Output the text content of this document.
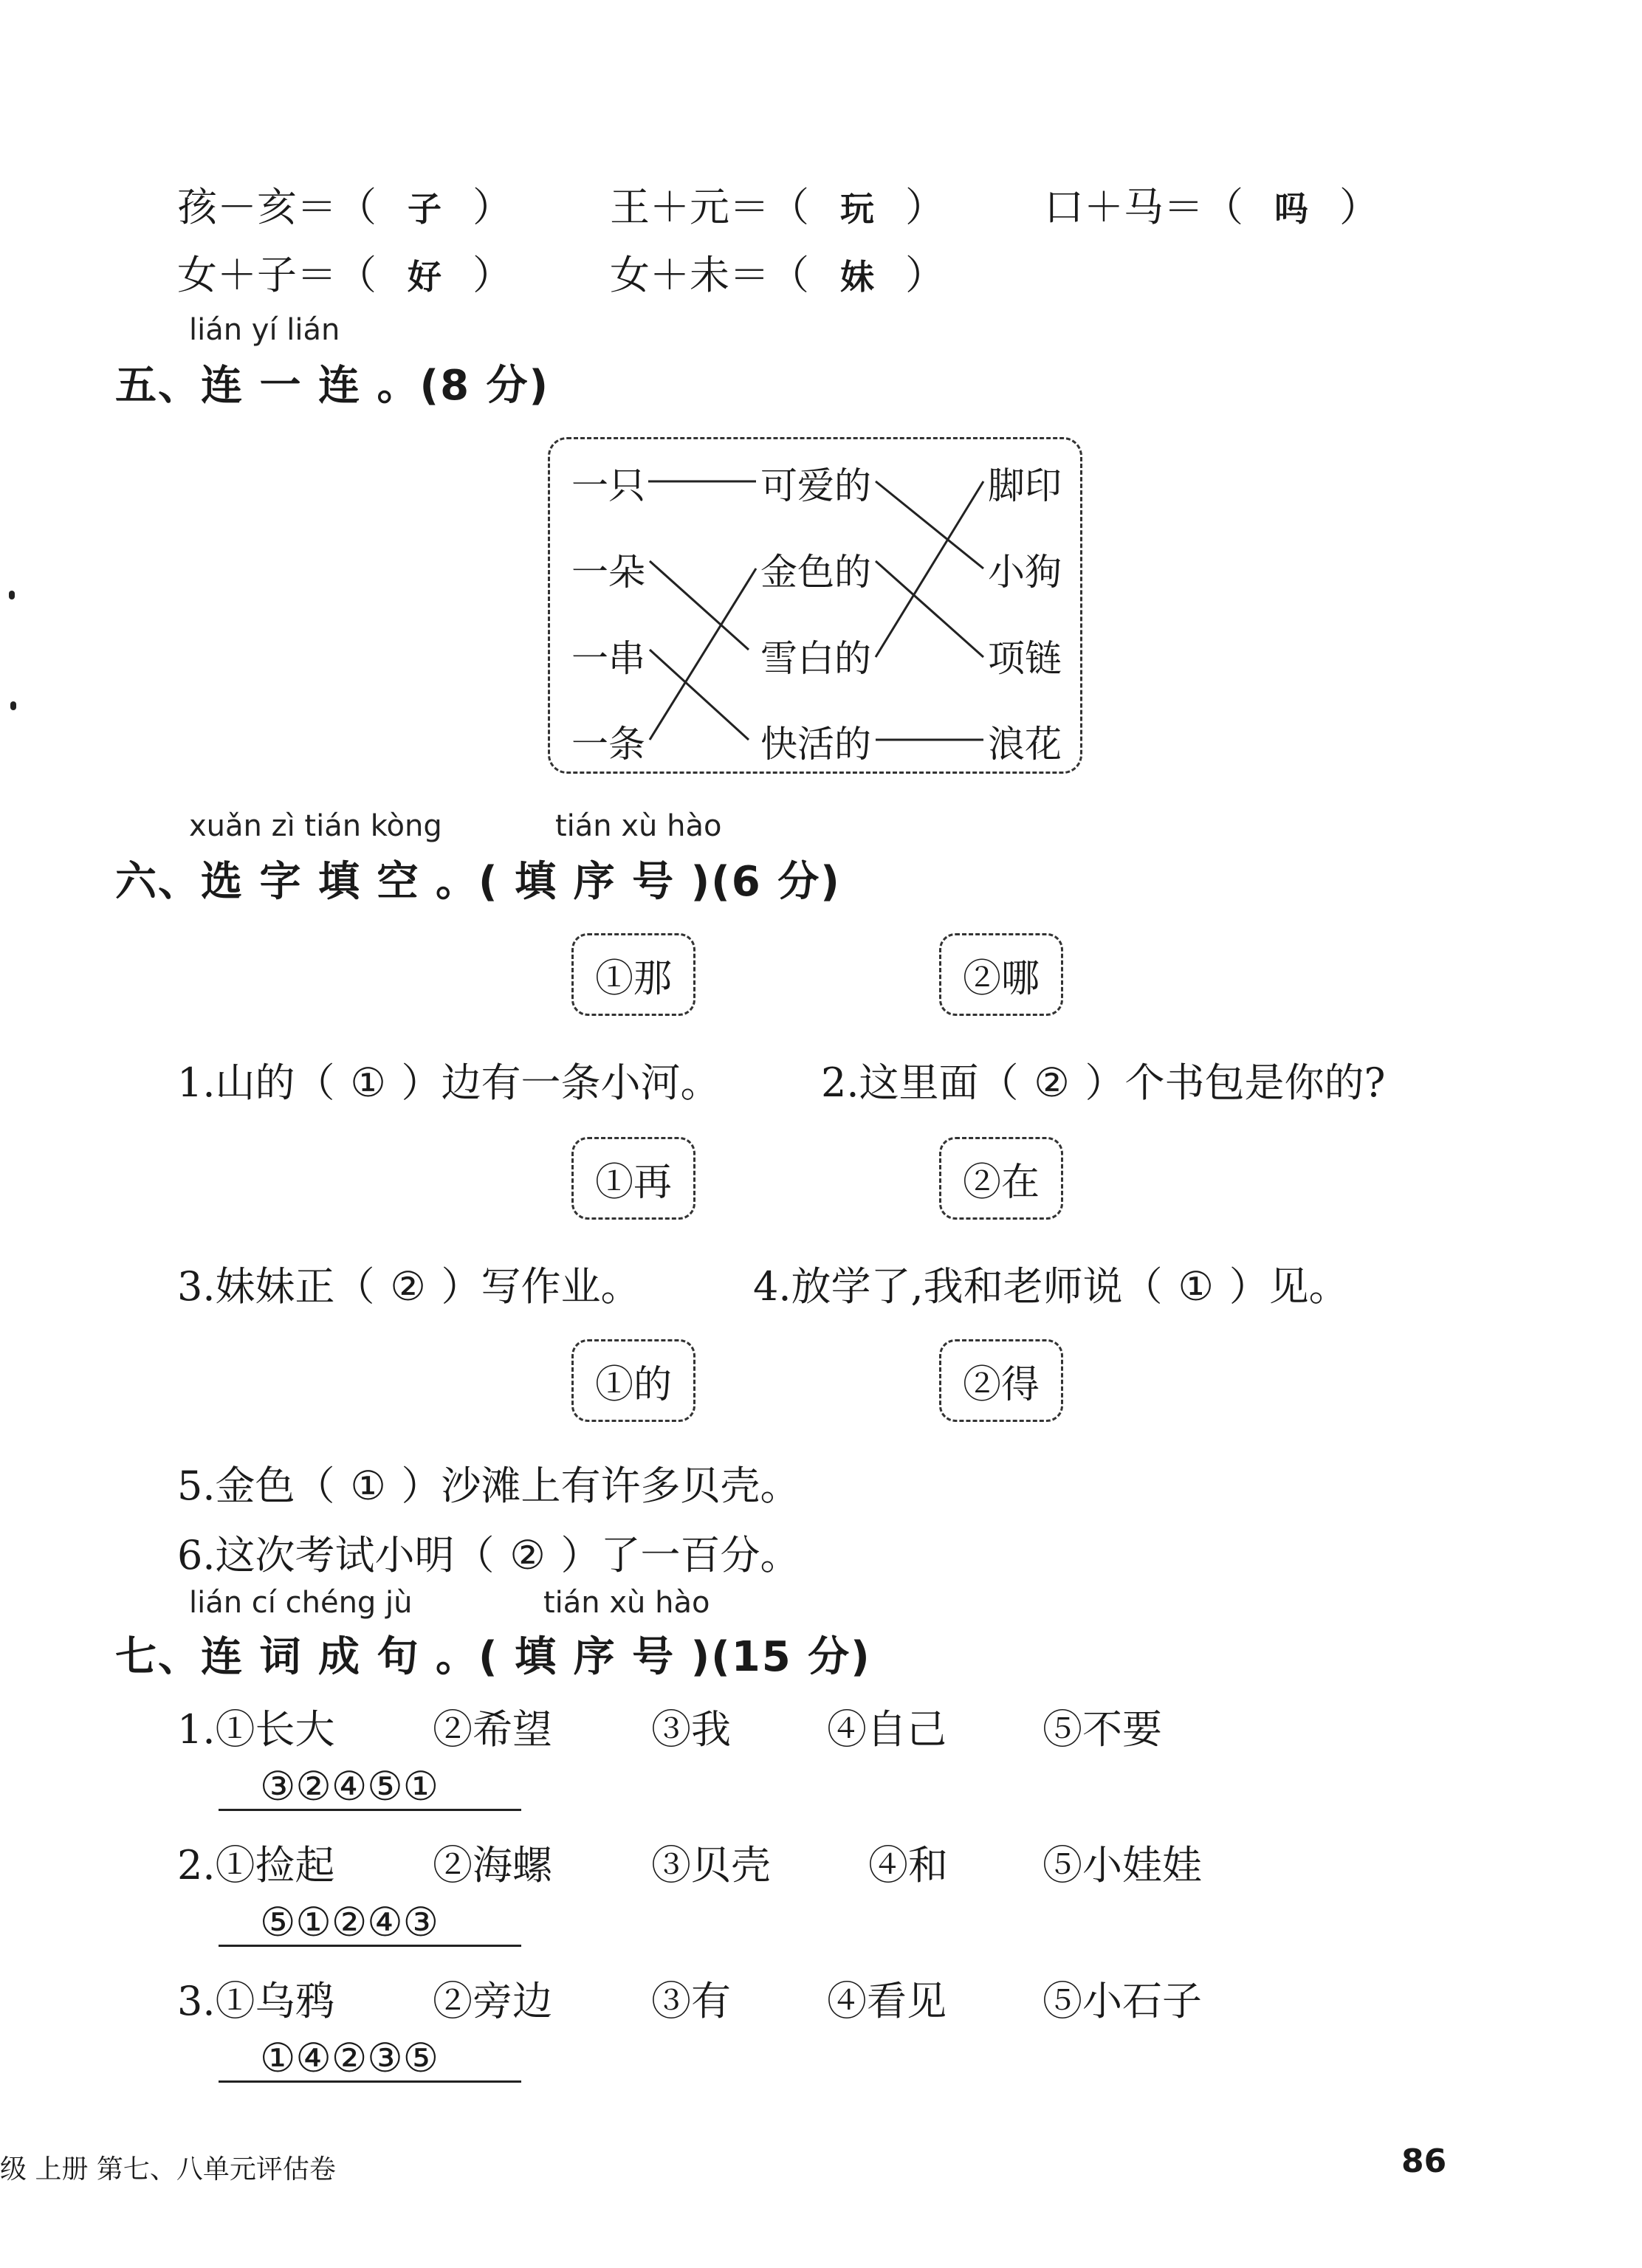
孩－亥＝（ 子 ） 王＋元＝（ 玩 ） 口＋马＝（ 吗 ）
女＋子＝（ 好 ） 女＋未＝（ 妹 ）
lián yí lián
五、连 一 连 。(8 分)
一只
一朵
一串
一条
可爱的
金色的
雪白的
快活的
脚印
小狗
项链
浪花
xuǎn zì tián kòng	tián xù hào
六、选 字 填 空 。( 填 序 号 )(6 分)
①那	②哪
1.山的（ ① ）边有一条小河。	2.这里面（ ② ）个书包是你的?
①再	②在
3.妹妹正（ ② ）写作业。	4.放学了,我和老师说（ ① ）见。
①的	②得
5.金色（ ① ）沙滩上有许多贝壳。
6.这次考试小明（ ② ）了一百分。
lián cí chéng jù	tián xù hào
七、连 词 成 句 。( 填 序 号 )(15 分)
1.①长大 ②希望 ③我 ④自己 ⑤不要
③②④⑤①
2.①捡起 ②海螺 ③贝壳 ④和 ⑤小娃娃
⑤①②④③
3.①乌鸦 ②旁边 ③有 ④看见 ⑤小石子
①④②③⑤
级 上册 第七、八单元评估卷	86
